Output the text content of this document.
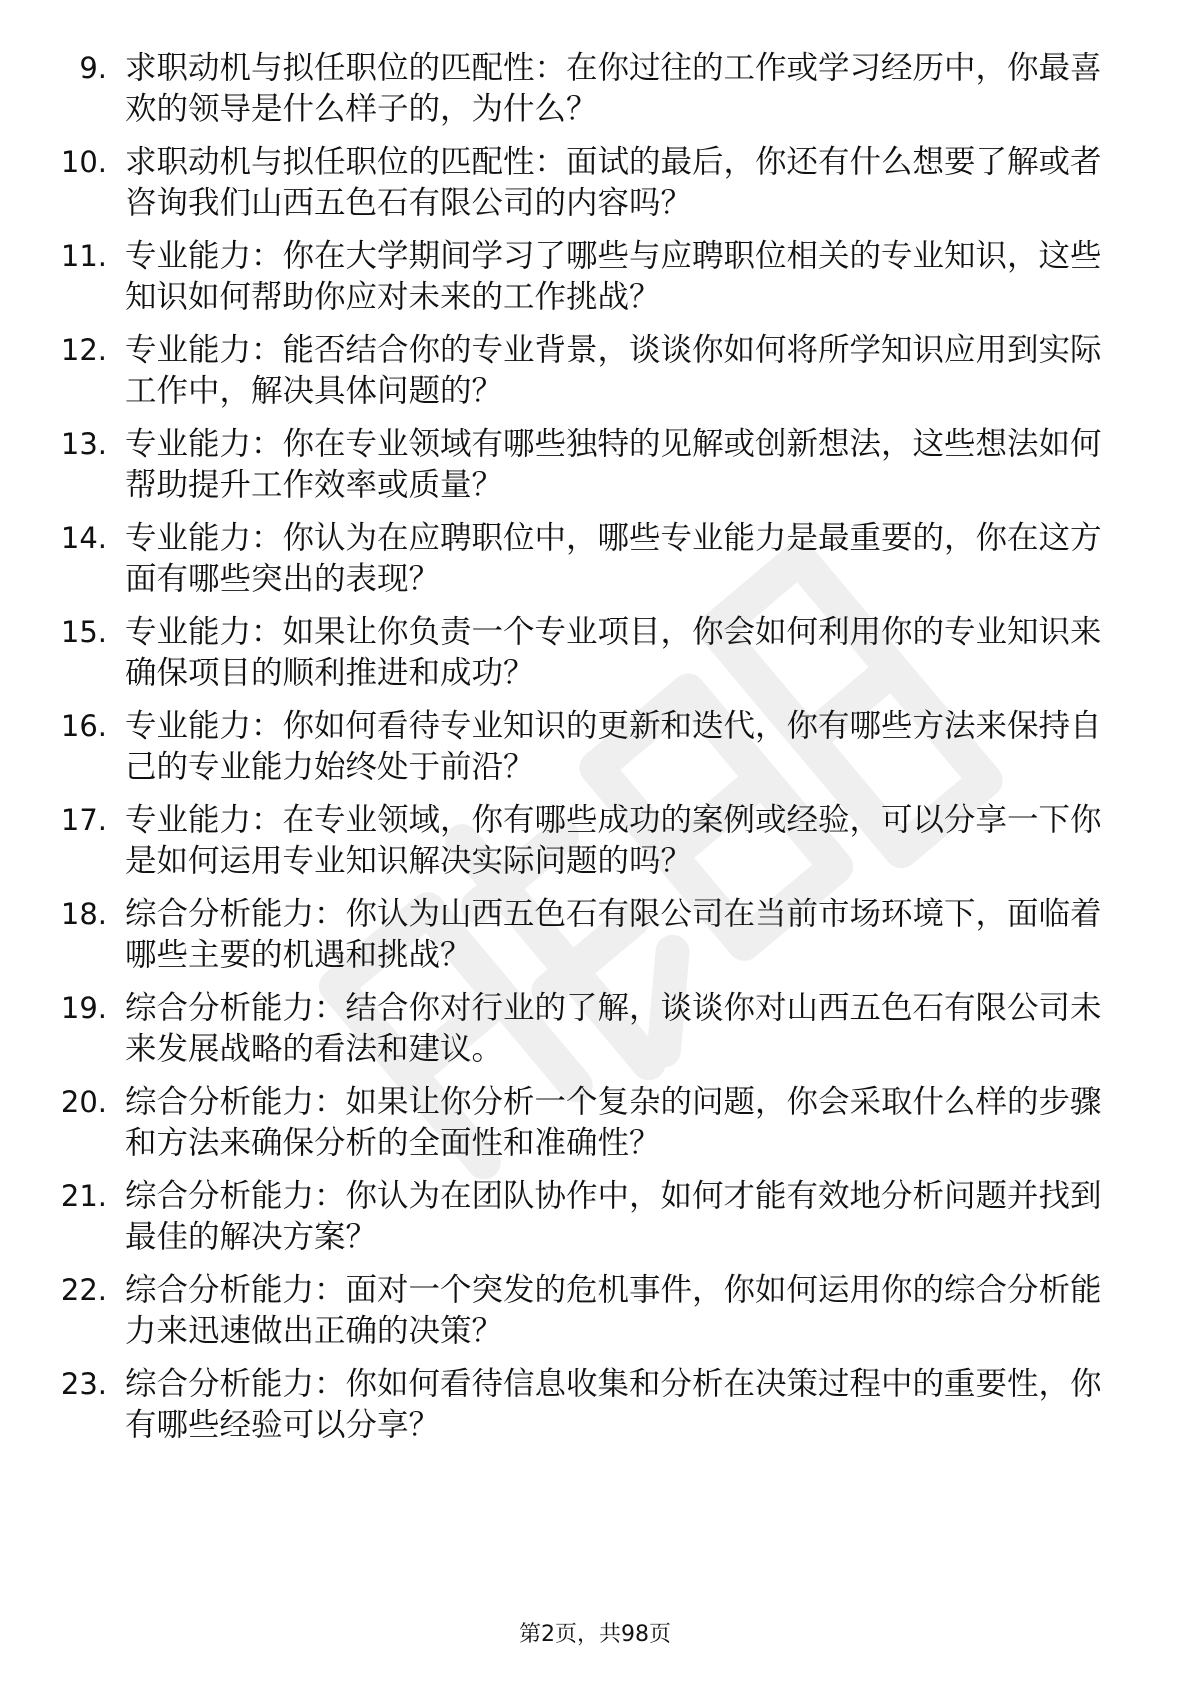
9. 求职动机与拟任职位的匹配性：在你过往的工作或学习经历中，你最喜欢的领导是什么样子的，为什么？
10. 求职动机与拟任职位的匹配性：面试的最后，你还有什么想要了解或者咨询我们山西五色石有限公司的内容吗？
11. 专业能力：你在大学期间学习了哪些与应聘职位相关的专业知识，这些知识如何帮助你应对未来的工作挑战？
12. 专业能力：能否结合你的专业背景，谈谈你如何将所学知识应用到实际工作中，解决具体问题的？
13. 专业能力：你在专业领域有哪些独特的见解或创新想法，这些想法如何帮助提升工作效率或质量？
14. 专业能力：你认为在应聘职位中，哪些专业能力是最重要的，你在这方面有哪些突出的表现？
15. 专业能力：如果让你负责一个专业项目，你会如何利用你的专业知识来确保项目的顺利推进和成功？
16. 专业能力：你如何看待专业知识的更新和迭代，你有哪些方法来保持自己的专业能力始终处于前沿？
17. 专业能力：在专业领域，你有哪些成功的案例或经验，可以分享一下你是如何运用专业知识解决实际问题的吗？
18. 综合分析能力：你认为山西五色石有限公司在当前市场环境下，面临着哪些主要的机遇和挑战？
19. 综合分析能力：结合你对行业的了解，谈谈你对山西五色石有限公司未来发展战略的看法和建议。
20. 综合分析能力：如果让你分析一个复杂的问题，你会采取什么样的步骤和方法来确保分析的全面性和准确性？
21. 综合分析能力：你认为在团队协作中，如何才能有效地分析问题并找到最佳的解决方案？
22. 综合分析能力：面对一个突发的危机事件，你如何运用你的综合分析能力来迅速做出正确的决策？
23. 综合分析能力：你如何看待信息收集和分析在决策过程中的重要性，你有哪些经验可以分享？
第2页，共98页
